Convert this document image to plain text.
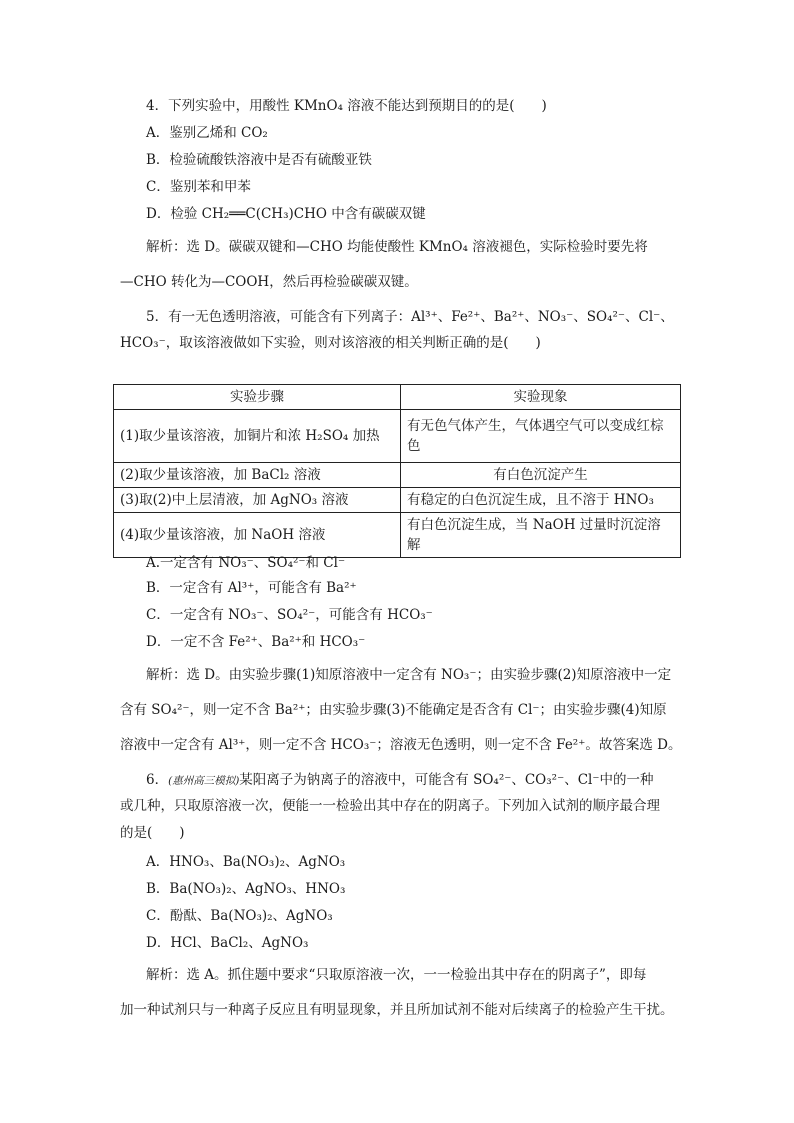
4．下列实验中，用酸性 KMnO₄ 溶液不能达到预期目的的是(　　)
A．鉴别乙烯和 CO₂
B．检验硫酸铁溶液中是否有硫酸亚铁
C．鉴别苯和甲苯
D．检验 CH₂══C(CH₃)CHO 中含有碳碳双键
解析：选 D。碳碳双键和—CHO 均能使酸性 KMnO₄ 溶液褪色，实际检验时要先将
—CHO 转化为—COOH，然后再检验碳碳双键。
5．有一无色透明溶液，可能含有下列离子：Al³⁺、Fe²⁺、Ba²⁺、NO₃⁻、SO₄²⁻、Cl⁻、
HCO₃⁻，取该溶液做如下实验，则对该溶液的相关判断正确的是(　　)
实验步骤	实验现象
(1)取少量该溶液，加铜片和浓 H₂SO₄ 加热	有无色气体产生，气体遇空气可以变成红棕色
(2)取少量该溶液，加 BaCl₂ 溶液	有白色沉淀产生
(3)取(2)中上层清液，加 AgNO₃ 溶液	有稳定的白色沉淀生成，且不溶于 HNO₃
(4)取少量该溶液，加 NaOH 溶液	有白色沉淀生成，当 NaOH 过量时沉淀溶解
A.一定含有 NO₃⁻、SO₄²⁻和 Cl⁻
B．一定含有 Al³⁺，可能含有 Ba²⁺
C．一定含有 NO₃⁻、SO₄²⁻，可能含有 HCO₃⁻
D．一定不含 Fe²⁺、Ba²⁺和 HCO₃⁻
解析：选 D。由实验步骤(1)知原溶液中一定含有 NO₃⁻；由实验步骤(2)知原溶液中一定
含有 SO₄²⁻，则一定不含 Ba²⁺；由实验步骤(3)不能确定是否含有 Cl⁻；由实验步骤(4)知原
溶液中一定含有 Al³⁺，则一定不含 HCO₃⁻；溶液无色透明，则一定不含 Fe²⁺。故答案选 D。
6．(惠州高三模拟)某阳离子为钠离子的溶液中，可能含有 SO₄²⁻、CO₃²⁻、Cl⁻中的一种
或几种，只取原溶液一次，便能一一检验出其中存在的阴离子。下列加入试剂的顺序最合理
的是(　　)
A．HNO₃、Ba(NO₃)₂、AgNO₃
B．Ba(NO₃)₂、AgNO₃、HNO₃
C．酚酞、Ba(NO₃)₂、AgNO₃
D．HCl、BaCl₂、AgNO₃
解析：选 A。抓住题中要求“只取原溶液一次，一一检验出其中存在的阴离子”，即每
加一种试剂只与一种离子反应且有明显现象，并且所加试剂不能对后续离子的检验产生干扰。
